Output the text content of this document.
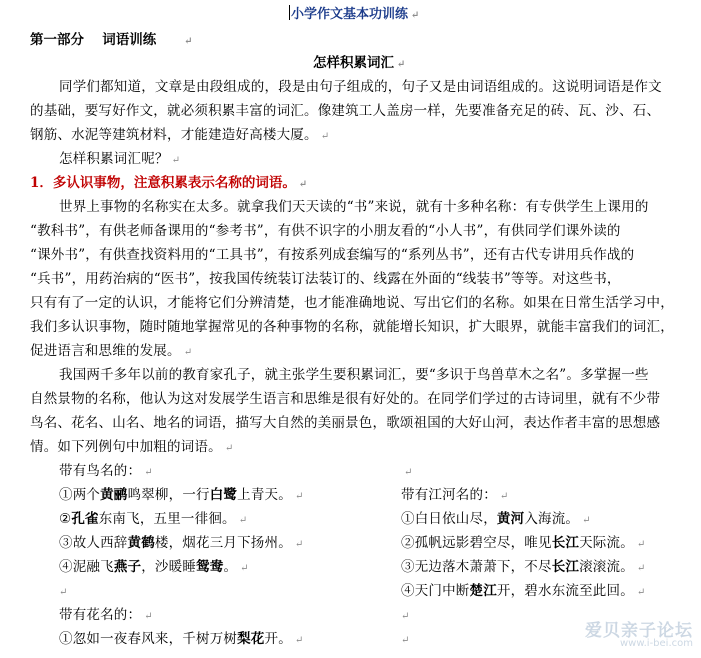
小学作文基本功训练 ↵
第一部分　 词语训练	↵
怎样积累词汇 ↵
同学们都知道，文章是由段组成的，段是由句子组成的，句子又是由词语组成的。这说明词语是作文
的基础，要写好作文，就必须积累丰富的词汇。像建筑工人盖房一样，先要准备充足的砖、瓦、沙、石、
钢筋、水泥等建筑材料，才能建造好高楼大厦。 ↵
怎样积累词汇呢？ ↵
1．多认识事物，注意积累表示名称的词语。 ↵
世界上事物的名称实在太多。就拿我们天天读的“书”来说，就有十多种名称：有专供学生上课用的
“教科书”，有供老师备课用的“参考书”，有供不识字的小朋友看的“小人书”，有供同学们课外读的
“课外书”，有供查找资料用的“工具书”，有按系列成套编写的“系列丛书”，还有古代专讲用兵作战的
“兵书”，用药治病的“医书”，按我国传统装订法装订的、线露在外面的“线装书”等等。对这些书，
只有有了一定的认识，才能将它们分辨清楚，也才能准确地说、写出它们的名称。如果在日常生活学习中，
我们多认识事物，随时随地掌握常见的各种事物的名称，就能增长知识，扩大眼界，就能丰富我们的词汇，
促进语言和思维的发展。 ↵
我国两千多年以前的教育家孔子，就主张学生要积累词汇，要“多识于鸟兽草木之名”。多掌握一些
自然景物的名称，他认为这对发展学生语言和思维是很有好处的。在同学们学过的古诗词里，就有不少带
鸟名、花名、山名、地名的词语，描写大自然的美丽景色，歌颂祖国的大好山河，表达作者丰富的思想感
情。如下列例句中加粗的词语。 ↵
带有鸟名的： ↵	↵
①两个黄鹂鸣翠柳，一行白鹭上青天。 ↵	带有江河名的： ↵
②孔雀东南飞，五里一徘徊。 ↵	①白日依山尽，黄河入海流。 ↵
③故人西辞黄鹤楼，烟花三月下扬州。 ↵	②孤帆远影碧空尽，唯见长江天际流。 ↵
④泥融飞燕子，沙暖睡鸳鸯。 ↵	③无边落木萧萧下，不尽长江滚滚流。 ↵
↵	④天门中断楚江开，碧水东流至此回。 ↵
带有花名的： ↵	↵
①忽如一夜春风来，千树万树梨花开。 ↵	↵	爱贝亲子论坛
www.i-bei.com
